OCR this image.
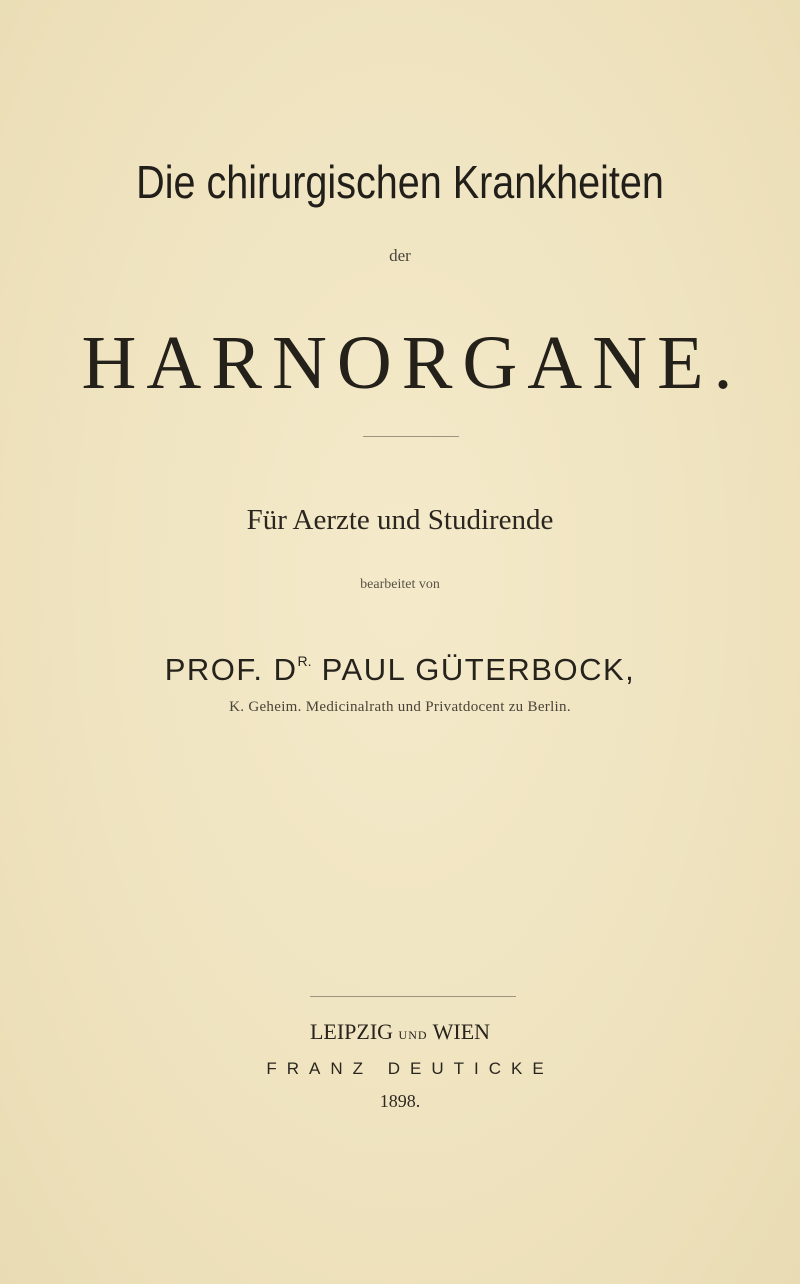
Die chirurgischen Krankheiten
der
HARNORGANE.
Für Aerzte und Studirende
bearbeitet von
PROF. $D^{R.}$ PAUL GÜTERBOCK,
K. Geheim. Medicinalrath und Privatdocent zu Berlin.
LEIPZIG UND WIEN
FRANZ DEUTICKE
1898.
